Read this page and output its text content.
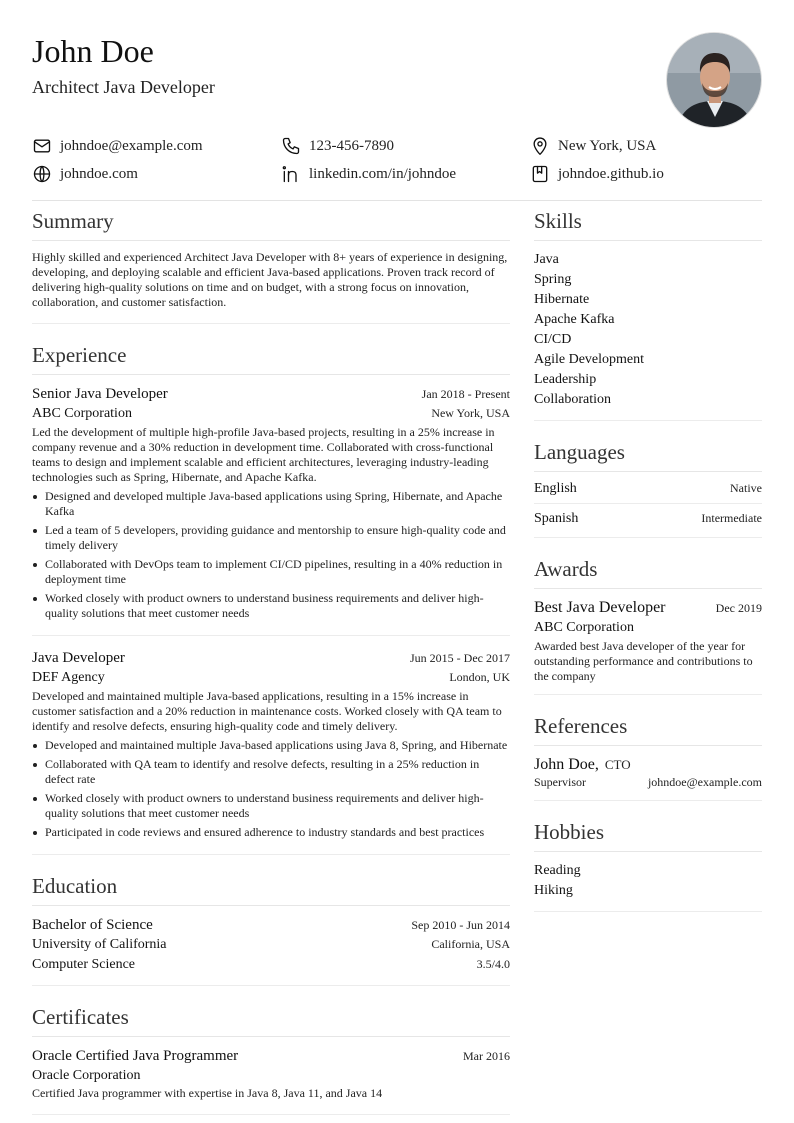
John Doe
Architect Java Developer
johndoe@example.com	123-456-7890	New York, USA
johndoe.com	linkedin.com/in/johndoe	johndoe.github.io
Summary

Highly skilled and experienced Architect Java Developer with 8+ years of experience in designing, developing, and deploying scalable and efficient Java-based applications. Proven track record of delivering high-quality solutions on time and on budget, with a strong focus on innovation, collaboration, and customer satisfaction.

Experience
Senior Java Developer	Jan 2018 - Present
ABC Corporation	New York, USA

Led the development of multiple high-profile Java-based projects, resulting in a 25% increase in company revenue and a 30% reduction in development time. Collaborated with cross-functional teams to design and implement scalable and efficient architectures, leveraging industry-leading technologies such as Spring, Hibernate, and Apache Kafka.

Designed and developed multiple Java-based applications using Spring, Hibernate, and Apache Kafka
Led a team of 5 developers, providing guidance and mentorship to ensure high-quality code and timely delivery
Collaborated with DevOps team to implement CI/CD pipelines, resulting in a 40% reduction in deployment time
Worked closely with product owners to understand business requirements and deliver high-quality solutions that meet customer needs
Java Developer	Jun 2015 - Dec 2017
DEF Agency	London, UK

Developed and maintained multiple Java-based applications, resulting in a 15% increase in customer satisfaction and a 20% reduction in maintenance costs. Worked closely with QA team to identify and resolve defects, ensuring high-quality code and timely delivery.

Developed and maintained multiple Java-based applications using Java 8, Spring, and Hibernate
Collaborated with QA team to identify and resolve defects, resulting in a 25% reduction in defect rate
Worked closely with product owners to understand business requirements and deliver high-quality solutions that meet customer needs
Participated in code reviews and ensured adherence to industry standards and best practices
Education
Bachelor of Science	Sep 2010 - Jun 2014
University of California	California, USA
Computer Science	3.5/4.0
Certificates
Oracle Certified Java Programmer	Mar 2016
Oracle Corporation

Certified Java programmer with expertise in Java 8, Java 11, and Java 14

Skills
Java
Spring
Hibernate
Apache Kafka
CI/CD
Agile Development
Leadership
Collaboration
Languages
English	Native
Spanish	Intermediate
Awards
Best Java Developer	Dec 2019
ABC Corporation

Awarded best Java developer of the year for outstanding performance and contributions to the company

References
John Doe, CTO
Supervisor	johndoe@example.com
Hobbies
Reading
Hiking
